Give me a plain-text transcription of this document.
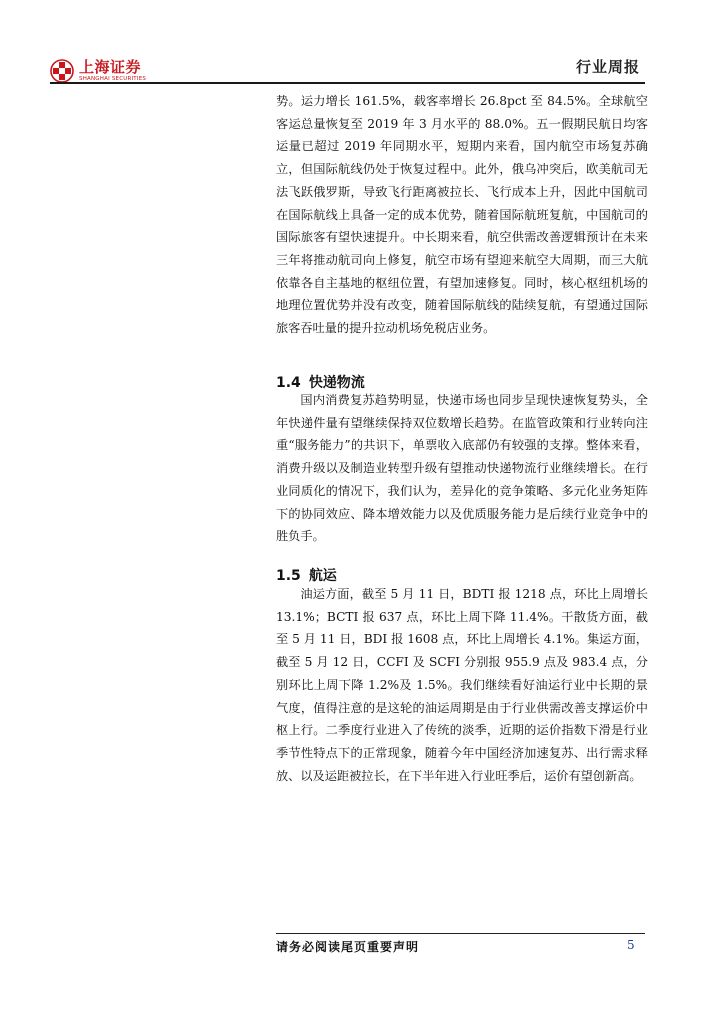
上海证券
SHANGHAI SECURITIES
行业周报

势。运力增长 161.5%，载客率增长 26.8pct 至 84.5%。全球航空客运总量恢复至 2019 年 3 月水平的 88.0%。五一假期民航日均客运量已超过 2019 年同期水平，短期内来看，国内航空市场复苏确立，但国际航线仍处于恢复过程中。此外，俄乌冲突后，欧美航司无法飞跃俄罗斯，导致飞行距离被拉长、飞行成本上升，因此中国航司在国际航线上具备一定的成本优势，随着国际航班复航，中国航司的国际旅客有望快速提升。中长期来看，航空供需改善逻辑预计在未来三年将推动航司向上修复，航空市场有望迎来航空大周期，而三大航依靠各自主基地的枢纽位置，有望加速修复。同时，核心枢纽机场的地理位置优势并没有改变，随着国际航线的陆续复航，有望通过国际旅客吞吐量的提升拉动机场免税店业务。

1.4 快递物流

国内消费复苏趋势明显，快递市场也同步呈现快速恢复势头，全年快递件量有望继续保持双位数增长趋势。在监管政策和行业转向注重“服务能力”的共识下，单票收入底部仍有较强的支撑。整体来看，消费升级以及制造业转型升级有望推动快递物流行业继续增长。在行业同质化的情况下，我们认为，差异化的竞争策略、多元化业务矩阵下的协同效应、降本增效能力以及优质服务能力是后续行业竞争中的胜负手。

1.5 航运

油运方面，截至 5 月 11 日，BDTI 报 1218 点，环比上周增长 13.1%；BCTI 报 637 点，环比上周下降 11.4%。干散货方面，截至 5 月 11 日，BDI 报 1608 点，环比上周增长 4.1%。集运方面，截至 5 月 12 日，CCFI 及 SCFI 分别报 955.9 点及 983.4 点，分别环比上周下降 1.2%及 1.5%。我们继续看好油运行业中长期的景气度，值得注意的是这轮的油运周期是由于行业供需改善支撑运价中枢上行。二季度行业进入了传统的淡季，近期的运价指数下滑是行业季节性特点下的正常现象，随着今年中国经济加速复苏、出行需求释放、以及运距被拉长，在下半年进入行业旺季后，运价有望创新高。

请务必阅读尾页重要声明	5
